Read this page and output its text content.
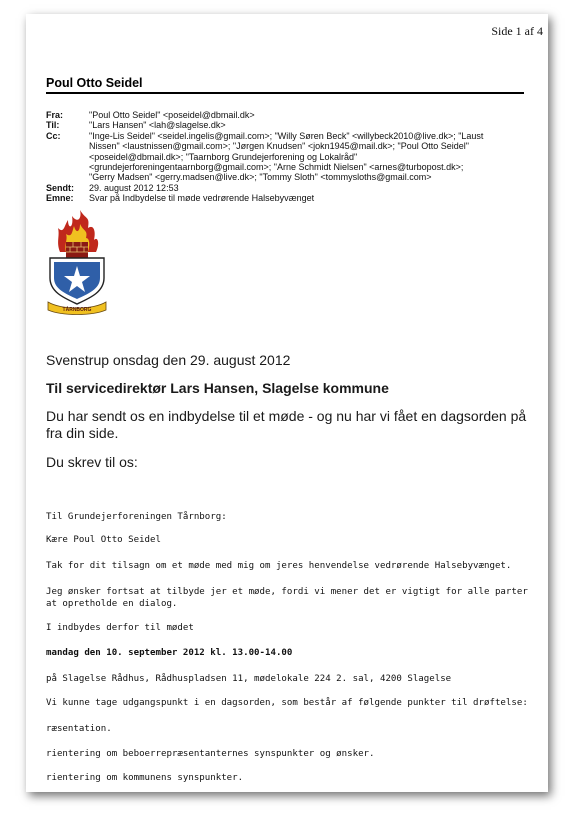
Side 1 af 4
Poul Otto Seidel
Fra:	"Poul Otto Seidel" <poseidel@dbmail.dk>
Til:	"Lars Hansen" <lah@slagelse.dk>
Cc:	"Inge-Lis Seidel" <seidel.ingelis@gmail.com>; "Willy Søren Beck" <willybeck2010@live.dk>; "Laust
Nissen" <laustnissen@gmail.com>; "Jørgen Knudsen" <jokn1945@mail.dk>; "Poul Otto Seidel"
<poseidel@dbmail.dk>; "Taarnborg Grundejerforening og Lokalråd"
<grundejerforeningentaarnborg@gmail.com>; "Arne Schmidt Nielsen" <arnes@turbopost.dk>;
"Gerry Madsen" <gerry.madsen@live.dk>; "Tommy Sloth" <tommysloths@gmail.com>
Sendt:	29. august 2012 12:53
Emne:	Svar på Indbydelse til møde vedrørende Halsebyvænget
TÅRNBORG
Svenstrup onsdag den 29. august 2012
Til servicedirektør Lars Hansen, Slagelse kommune
Du har sendt os en indbydelse til et møde - og nu har vi fået en dagsorden på fra din side.
Du skrev til os:
Til Grundejerforeningen Tårnborg:
Kære Poul Otto Seidel
Tak for dit tilsagn om et møde med mig om jeres henvendelse vedrørende Halsebyvænget.
Jeg ønsker fortsat at tilbyde jer et møde, fordi vi mener det er vigtigt for alle parter at opretholde en dialog.
I indbydes derfor til mødet
mandag den 10. september 2012 kl. 13.00-14.00
på Slagelse Rådhus, Rådhuspladsen 11, mødelokale 224 2. sal, 4200 Slagelse
Vi kunne tage udgangspunkt i en dagsorden, som består af følgende punkter til drøftelse:
ræsentation.
rientering om beboerrepræsentanternes synspunkter og ønsker.
rientering om kommunens synspunkter.
